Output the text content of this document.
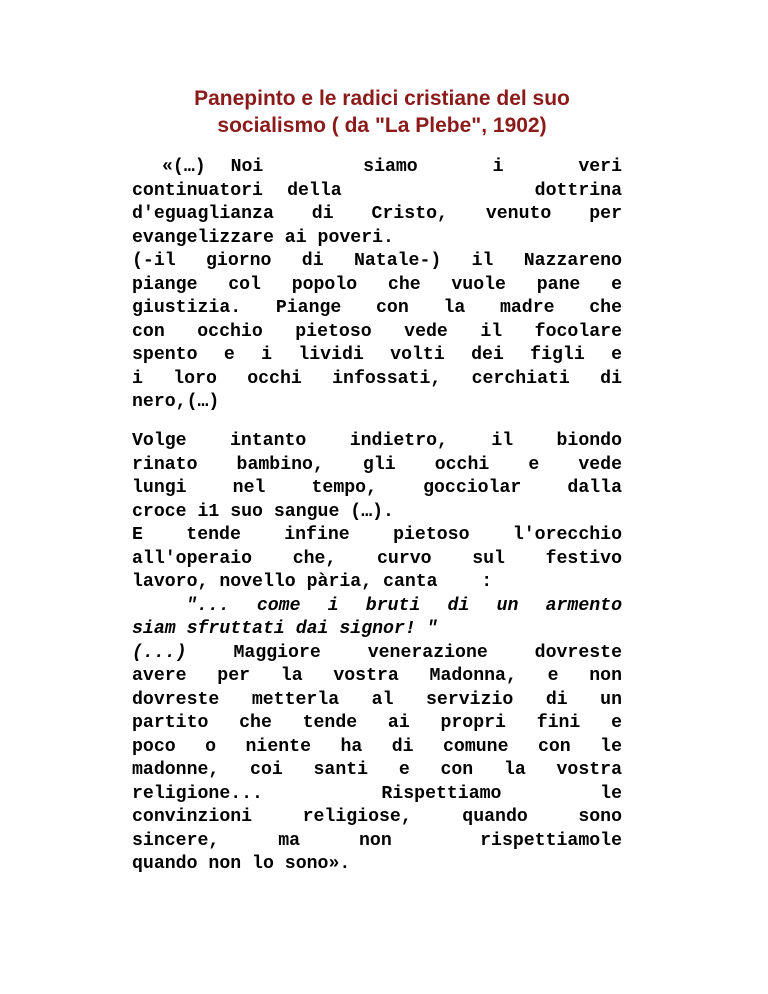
Panepinto e le radici cristiane del suo
socialismo ( da "La Plebe", 1902)
«(…) Noi    siamo   i   veri
continuatori della        dottrina
d'eguaglianza di Cristo, venuto per
evangelizzare ai poveri.
(-il giorno di Natale-) il Nazzareno
piange col popolo che vuole pane e
giustizia. Piange con la madre che
con occhio pietoso vede il focolare
spento e i lividi volti dei figli e
i loro occhi infossati, cerchiati di
nero,(…)
Volge intanto indietro, il biondo
rinato bambino, gli occhi e vede
lungi nel tempo, gocciolar dalla
croce i1 suo sangue (…).
E tende infine pietoso l'orecchio
all'operaio che, curvo sul festivo
lavoro, novello pària, canta    :
"... come i bruti di un armento
siam sfruttati dai signor! "
(...) Maggiore venerazione dovreste
avere per la vostra Madonna, e non
dovreste metterla al servizio di un
partito che tende ai propri fini e
poco o niente ha di comune con le
madonne, coi santi e con la vostra
religione...      Rispettiamo     le
convinzioni religiose, quando sono
sincere,  ma  non   rispettiamole
quando non lo sono».
